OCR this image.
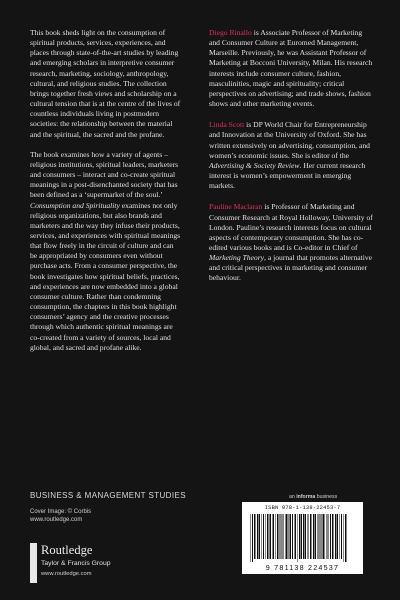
This book sheds light on the consumption of spiritual products, services, experiences, and places through state-of-the-art studies by leading and emerging scholars in interpretive consumer research, marketing, sociology, anthropology, cultural, and religious studies. The collection brings together fresh views and scholarship on a cultural tension that is at the centre of the lives of countless individuals living in postmodern societies: the relationship between the material and the spiritual, the sacred and the profane.

The book examines how a variety of agents – religious institutions, spiritual leaders, marketers and consumers – interact and co-create spiritual meanings in a post-disenchanted society that has been defined as a ‘supermarket of the soul.’ Consumption and Spirituality examines not only religious organizations, but also brands and marketers and the way they infuse their products, services, and experiences with spiritual meanings that flow freely in the circuit of culture and can be appropriated by consumers even without purchase acts. From a consumer perspective, the book investigates how spiritual beliefs, practices, and experiences are now embedded into a global consumer culture. Rather than condemning consumption, the chapters in this book highlight consumers’ agency and the creative processes through which authentic spiritual meanings are co-created from a variety of sources, local and global, and sacred and profane alike.

Diego Rinallo is Associate Professor of Marketing and Consumer Culture at Euromed Management, Marseille. Previously, he was Assistant Professor of Marketing at Bocconi University, Milan. His research interests include consumer culture, fashion, masculinities, magic and spirituality; critical perspectives on advertising; and trade shows, fashion shows and other marketing events.

Linda Scott is DP World Chair for Entrepreneurship and Innovation at the University of Oxford. She has written extensively on advertising, consumption, and women’s economic issues. She is editor of the Advertising & Society Review. Her current research interest is women’s empowerment in emerging markets.

Pauline Maclaran is Professor of Marketing and Consumer Research at Royal Holloway, University of London. Pauline’s research interests focus on cultural aspects of contemporary consumption. She has co-edited various books and is Co-editor in Chief of Marketing Theory, a journal that promotes alternative and critical perspectives in marketing and consumer behaviour.

BUSINESS & MANAGEMENT STUDIES	an informa business
Cover Image: © Corbis
www.routledge.com
ISBN 978-1-138-22453-7
9 781138 224537
Routledge
Taylor & Francis Group
www.routledge.com
